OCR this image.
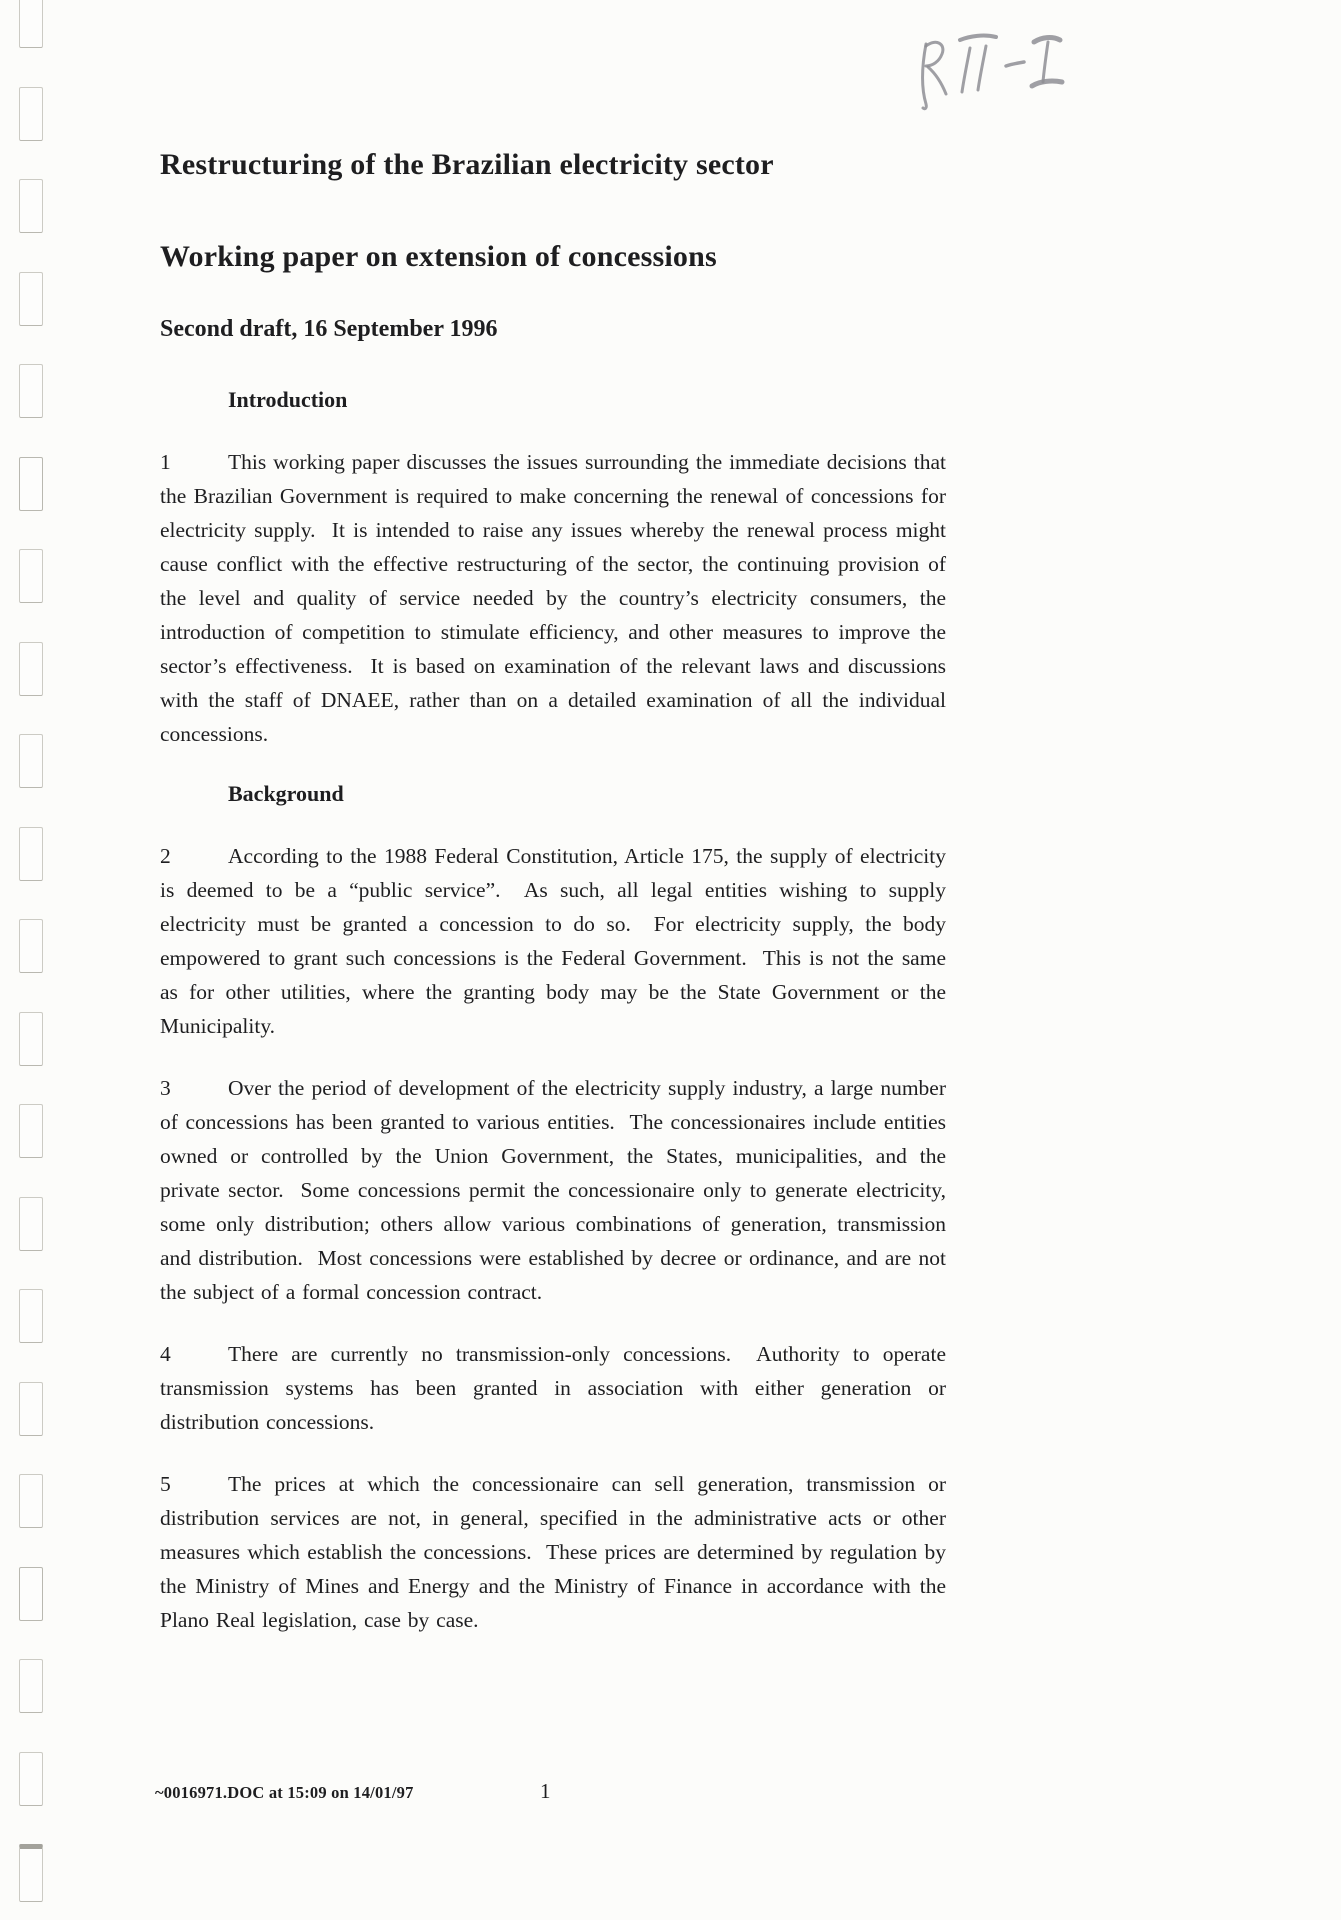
Restructuring of the Brazilian electricity sector
Working paper on extension of concessions
Second draft, 16 September 1996
Introduction

1	This working paper discusses the issues surrounding the immediate decisions that the Brazilian Government is required to make concerning the renewal of concessions for electricity supply.  It is intended to raise any issues whereby the renewal process might cause conflict with the effective restructuring of the sector, the continuing provision of the level and quality of service needed by the country’s electricity consumers, the introduction of competition to stimulate efficiency, and other measures to improve the sector’s effectiveness.  It is based on examination of the relevant laws and discussions with the staff of DNAEE, rather than on a detailed examination of all the individual concessions.

Background

2	According to the 1988 Federal Constitution, Article 175, the supply of electricity is deemed to be a “public service”.  As such, all legal entities wishing to supply electricity must be granted a concession to do so.  For electricity supply, the body empowered to grant such concessions is the Federal Government.  This is not the same as for other utilities, where the granting body may be the State Government or the Municipality.

3	Over the period of development of the electricity supply industry, a large number of concessions has been granted to various entities.  The concessionaires include entities owned or controlled by the Union Government, the States, municipalities, and the private sector.  Some concessions permit the concessionaire only to generate electricity, some only distribution; others allow various combinations of generation, transmission and distribution.  Most concessions were established by decree or ordinance, and are not the subject of a formal concession contract.

4	There are currently no transmission-only concessions.  Authority to operate transmission systems has been granted in association with either generation or distribution concessions.

5	The prices at which the concessionaire can sell generation, transmission or distribution services are not, in general, specified in the administrative acts or other measures which establish the concessions.  These prices are determined by regulation by the Ministry of Mines and Energy and the Ministry of Finance in accordance with the Plano Real legislation, case by case.

~0016971.DOC at 15:09 on 14/01/97	1
